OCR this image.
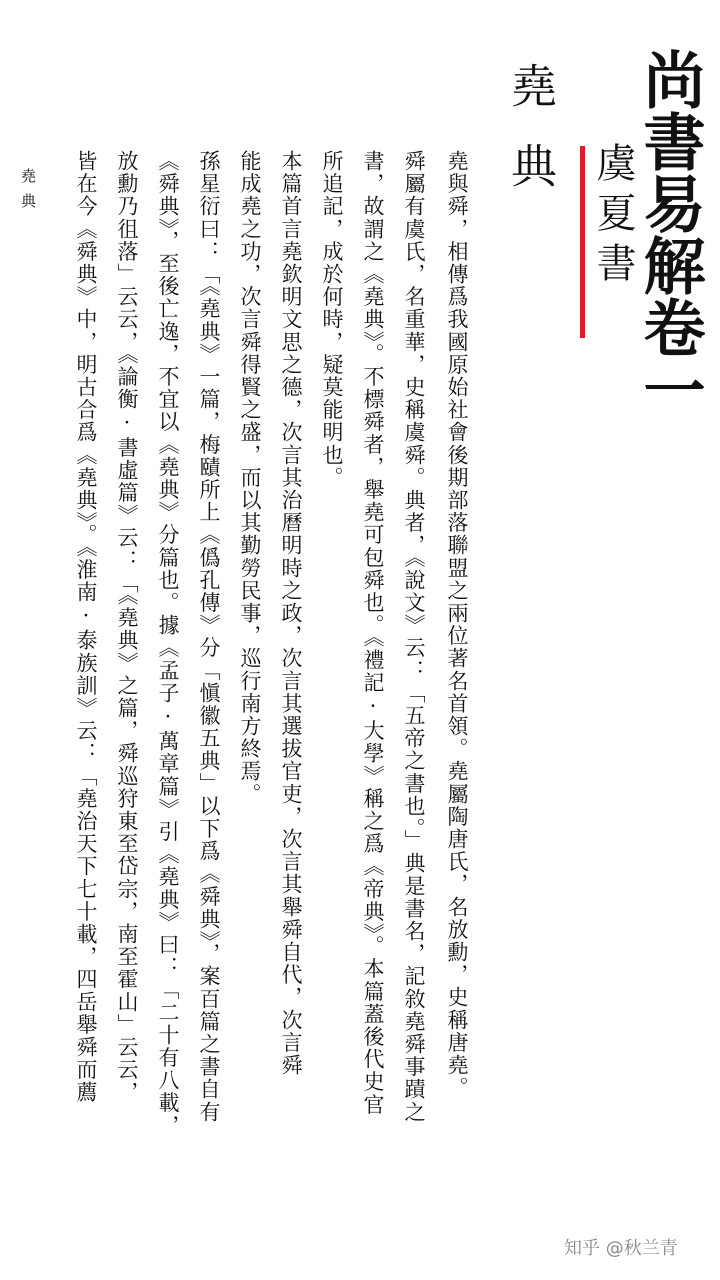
尚書易解卷一
虞夏書
堯典
堯典	堯與舜，相傳爲我國原始社會後期部落聯盟之兩位著名首領。堯屬陶唐氏，名放勳，史稱唐堯。
舜屬有虞氏，名重華，史稱虞舜。典者，《說文》云：「五帝之書也。」典是書名，記敘堯舜事蹟之
書，故謂之《堯典》。不標舜者，舉堯可包舜也。《禮記·大學》稱之爲《帝典》。本篇蓋後代史官
所追記，成於何時，疑莫能明也。
本篇首言堯欽明文思之德，次言其治曆明時之政，次言其選拔官吏，次言其舉舜自代，次言舜
能成堯之功，次言舜得賢之盛，而以其勤勞民事，巡行南方終焉。
孫星衍曰：「《堯典》一篇，梅賾所上《僞孔傳》分「愼徽五典」以下爲《舜典》，案百篇之書自有
《舜典》，至後亡逸，不宜以《堯典》分篇也。據《孟子·萬章篇》引《堯典》曰：「二十有八載，
放勳乃徂落」云云，《論衡·書虛篇》云：「《堯典》之篇，舜巡狩東至岱宗，南至霍山」云云，
皆在今《舜典》中，明古合爲《堯典》。《淮南·泰族訓》云：「堯治天下七十載，四岳舉舜而薦
知乎 @秋兰青
